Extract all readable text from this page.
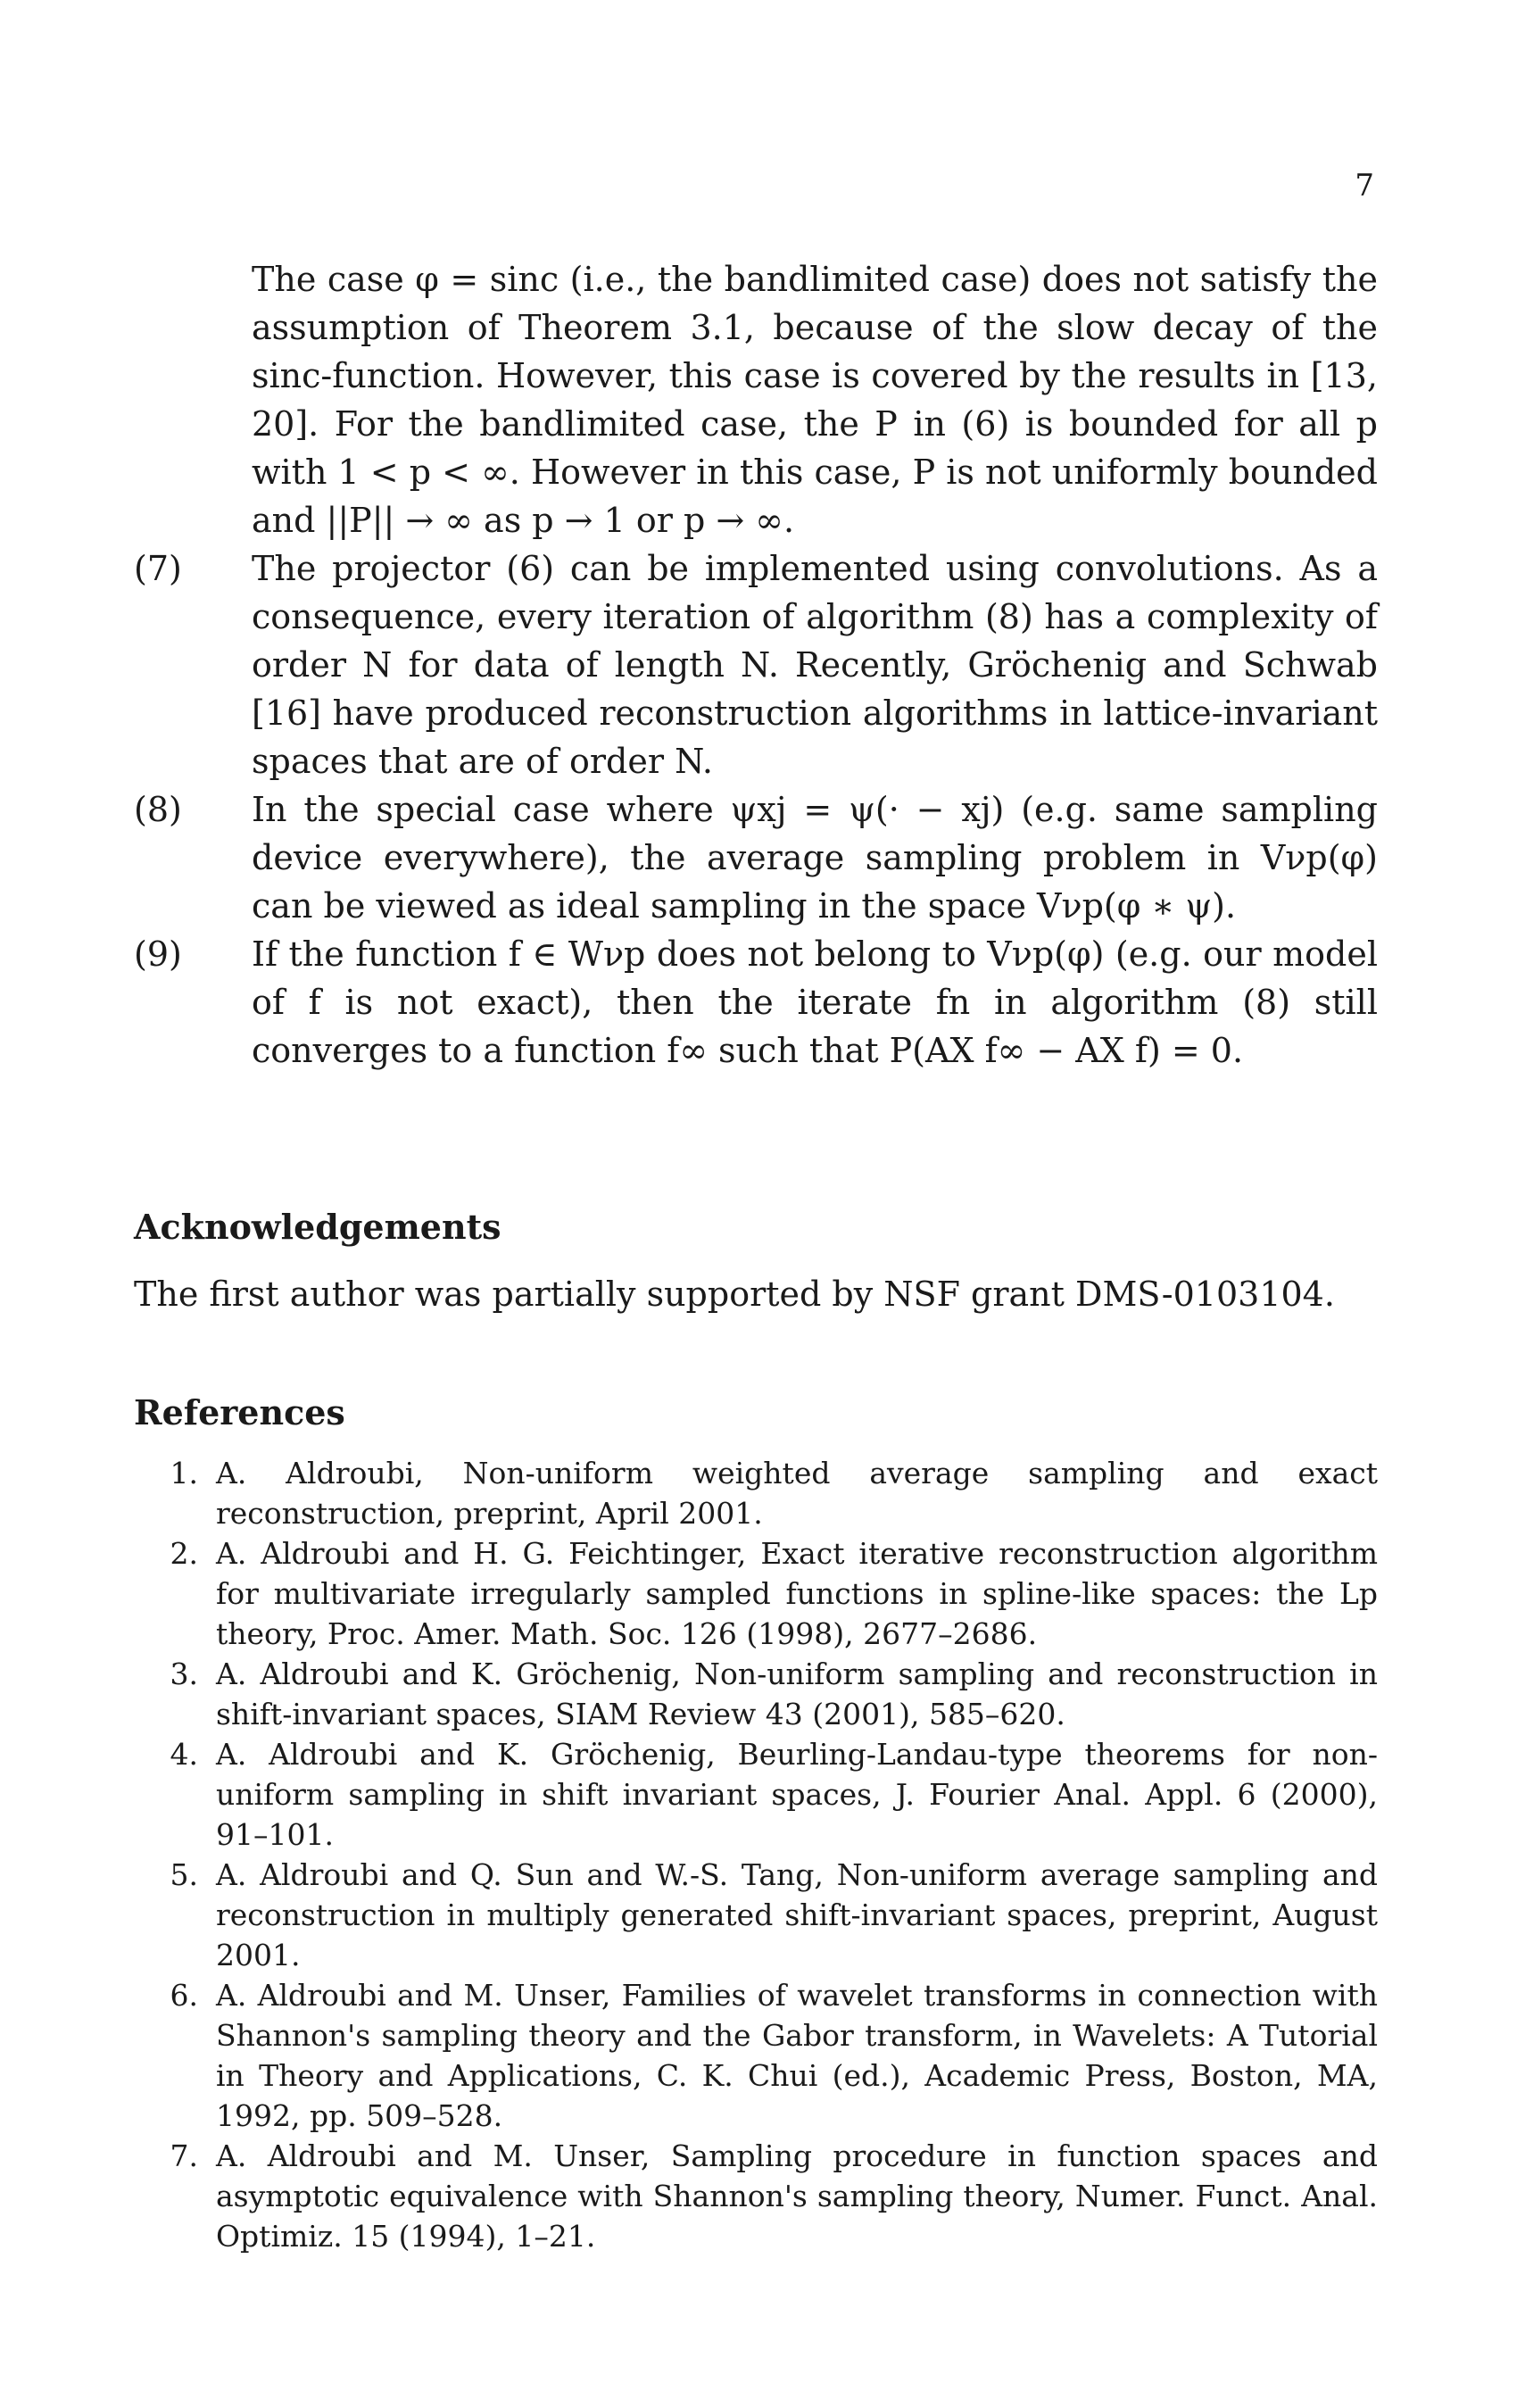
7
The case φ = sinc (i.e., the bandlimited case) does not satisfy the assumption of Theorem 3.1, because of the slow decay of the sinc-function. However, this case is covered by the results in [13, 20]. For the bandlimited case, the P in (6) is bounded for all p with 1 < p < ∞. However in this case, P is not uniformly bounded and ||P|| → ∞ as p → 1 or p → ∞.
(7)	The projector (6) can be implemented using convolutions. As a consequence, every iteration of algorithm (8) has a complexity of order N for data of length N. Recently, Gröchenig and Schwab [16] have produced reconstruction algorithms in lattice-invariant spaces that are of order N.
(8)	In the special case where ψxj = ψ(· − xj) (e.g. same sampling device everywhere), the average sampling problem in Vνp(φ) can be viewed as ideal sampling in the space Vνp(φ ∗ ψ).
(9)	If the function f ∈ Wνp does not belong to Vνp(φ) (e.g. our model of f is not exact), then the iterate fn in algorithm (8) still converges to a function f∞ such that P(AX f∞ − AX f) = 0.
Acknowledgements
The first author was partially supported by NSF grant DMS-0103104.
References
1. A. Aldroubi, Non-uniform weighted average sampling and exact reconstruction, preprint, April 2001.
2. A. Aldroubi and H. G. Feichtinger, Exact iterative reconstruction algorithm for multivariate irregularly sampled functions in spline-like spaces: the Lp theory, Proc. Amer. Math. Soc. 126 (1998), 2677–2686.
3. A. Aldroubi and K. Gröchenig, Non-uniform sampling and reconstruction in shift-invariant spaces, SIAM Review 43 (2001), 585–620.
4. A. Aldroubi and K. Gröchenig, Beurling-Landau-type theorems for non-uniform sampling in shift invariant spaces, J. Fourier Anal. Appl. 6 (2000), 91–101.
5. A. Aldroubi and Q. Sun and W.-S. Tang, Non-uniform average sampling and reconstruction in multiply generated shift-invariant spaces, preprint, August 2001.
6. A. Aldroubi and M. Unser, Families of wavelet transforms in connection with Shannon's sampling theory and the Gabor transform, in Wavelets: A Tutorial in Theory and Applications, C. K. Chui (ed.), Academic Press, Boston, MA, 1992, pp. 509–528.
7. A. Aldroubi and M. Unser, Sampling procedure in function spaces and asymptotic equivalence with Shannon's sampling theory, Numer. Funct. Anal. Optimiz. 15 (1994), 1–21.
